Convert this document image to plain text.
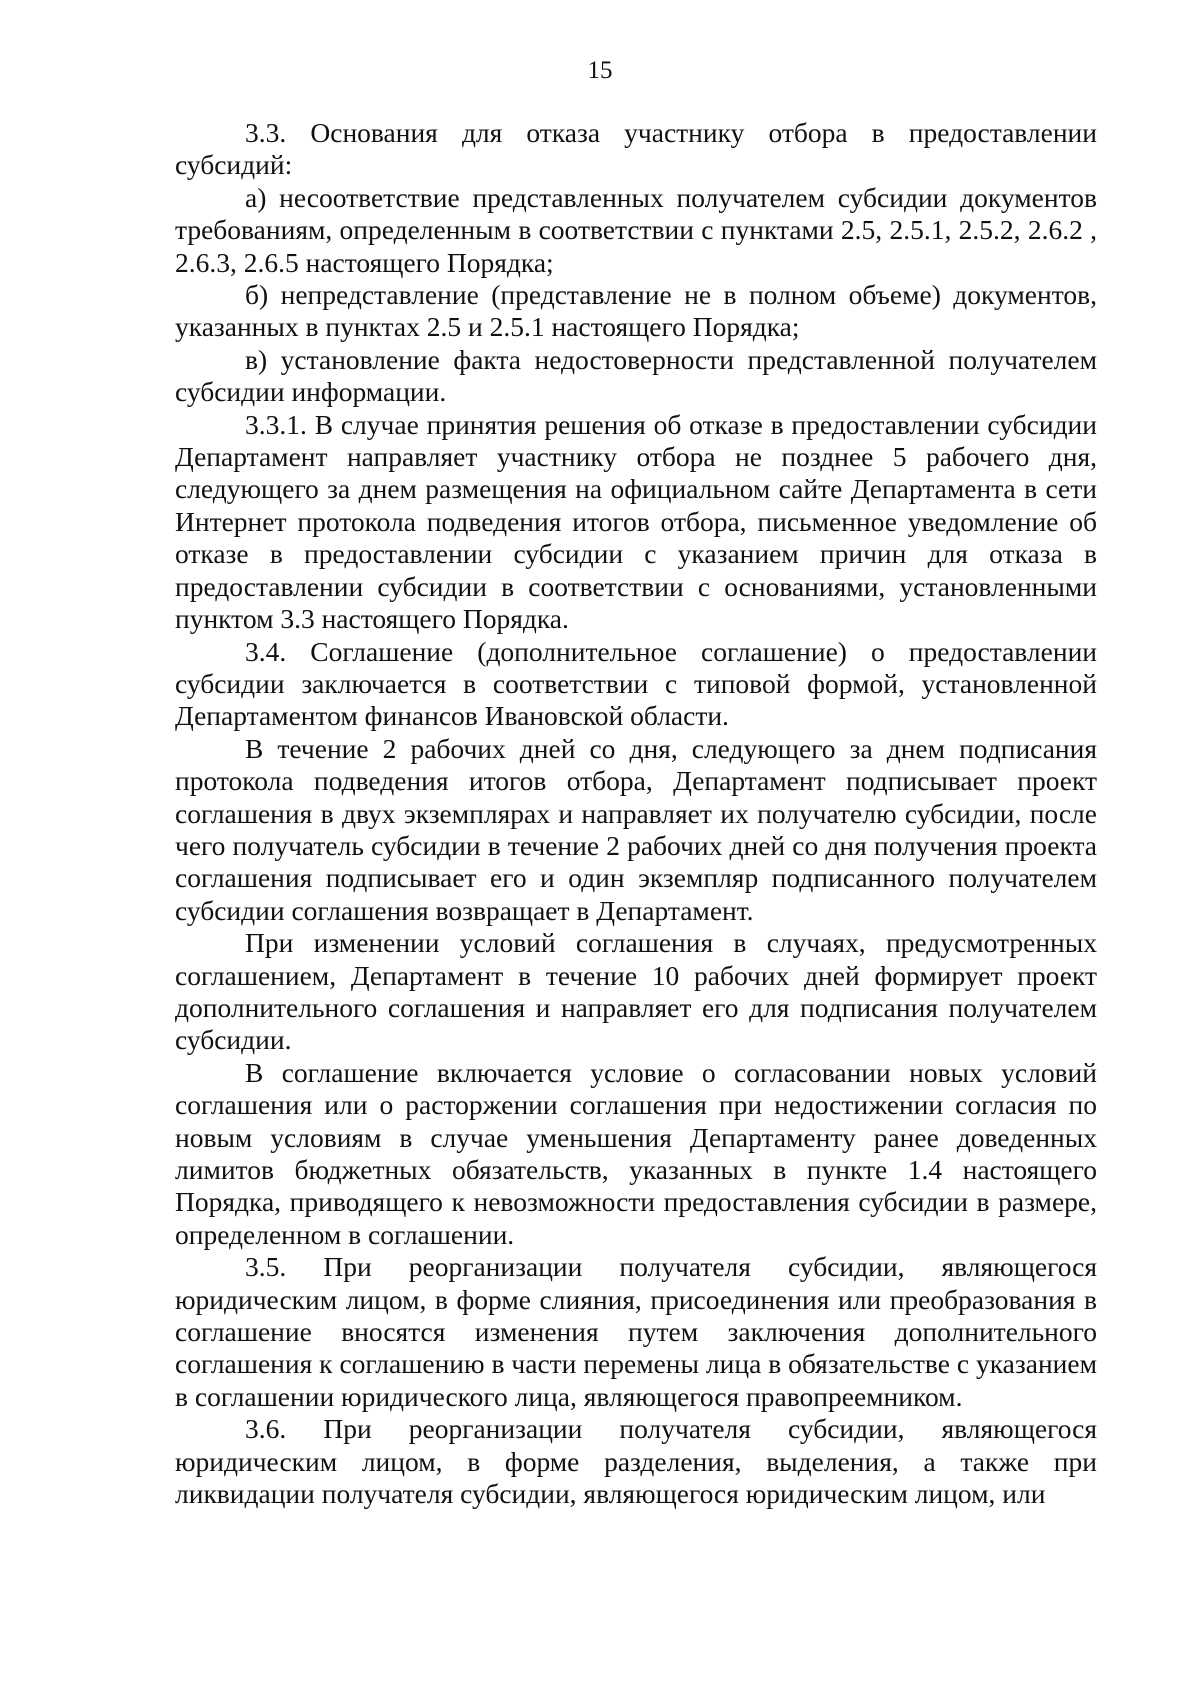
15

3.3. Основания для отказа участнику отбора в предоставлении субсидий:

а) несоответствие представленных получателем субсидии документов требованиям, определенным в соответствии с пунктами 2.5, 2.5.1, 2.5.2, 2.6.2 , 2.6.3, 2.6.5 настоящего Порядка;

б) непредставление (представление не в полном объеме) документов, указанных в пунктах 2.5 и 2.5.1 настоящего Порядка;

в) установление факта недостоверности представленной получателем субсидии информации.

3.3.1. В случае принятия решения об отказе в предоставлении субсидии Департамент направляет участнику отбора не позднее 5 рабочего дня, следующего за днем размещения на официальном сайте Департамента в сети Интернет протокола подведения итогов отбора, письменное уведомление об отказе в предоставлении субсидии с указанием причин для отказа в предоставлении субсидии в соответствии с основаниями, установленными пунктом 3.3 настоящего Порядка.

3.4. Соглашение (дополнительное соглашение) о предоставлении субсидии заключается в соответствии с типовой формой, установленной Департаментом финансов Ивановской области.

В течение 2 рабочих дней со дня, следующего за днем подписания протокола подведения итогов отбора, Департамент подписывает проект соглашения в двух экземплярах и направляет их получателю субсидии, после чего получатель субсидии в течение 2 рабочих дней со дня получения проекта соглашения подписывает его и один экземпляр подписанного получателем субсидии соглашения возвращает в Департамент.

При изменении условий соглашения в случаях, предусмотренных соглашением, Департамент в течение 10 рабочих дней формирует проект дополнительного соглашения и направляет его для подписания получателем субсидии.

В соглашение включается условие о согласовании новых условий соглашения или о расторжении соглашения при недостижении согласия по новым условиям в случае уменьшения Департаменту ранее доведенных лимитов бюджетных обязательств, указанных в пункте 1.4 настоящего Порядка, приводящего к невозможности предоставления субсидии в размере, определенном в соглашении.

3.5. При реорганизации получателя субсидии, являющегося юридическим лицом, в форме слияния, присоединения или преобразования в соглашение вносятся изменения путем заключения дополнительного соглашения к соглашению в части перемены лица в обязательстве с указанием в соглашении юридического лица, являющегося правопреемником.

3.6. При реорганизации получателя субсидии, являющегося юридическим лицом, в форме разделения, выделения, а также при ликвидации получателя субсидии, являющегося юридическим лицом, или
